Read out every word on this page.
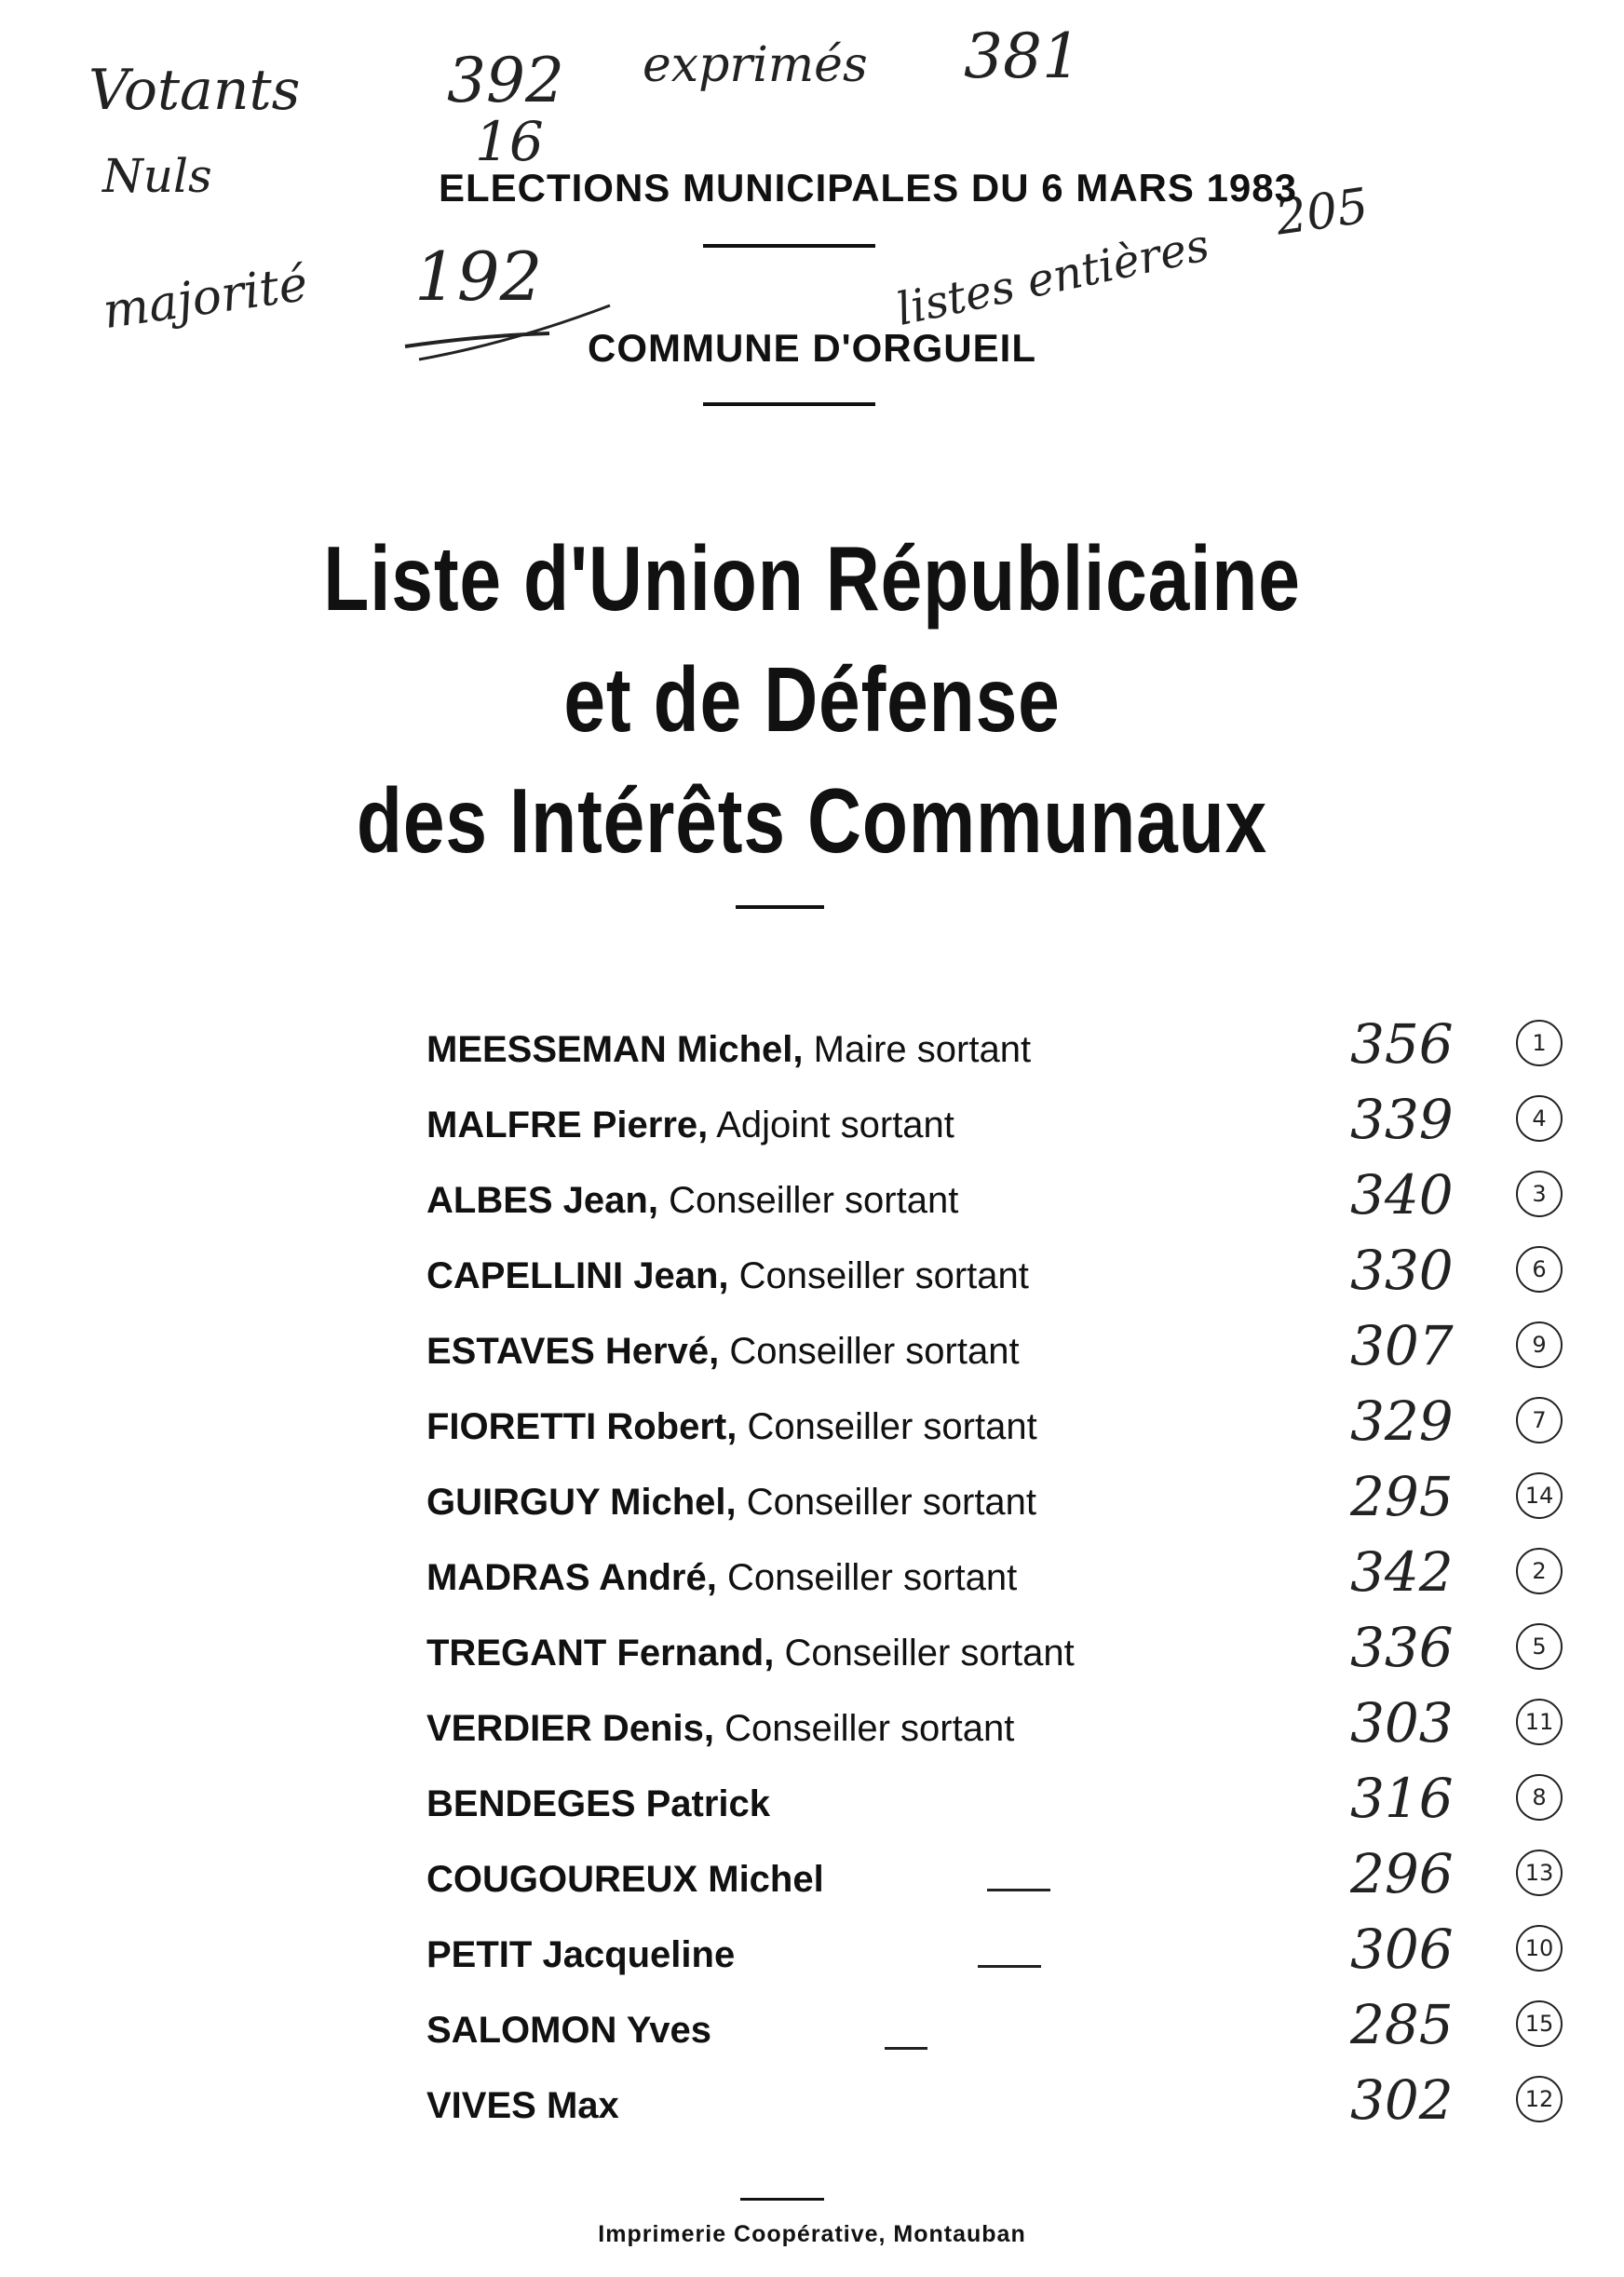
Votants 392 exprimés 381
Nuls
16
majorité 192	listes entières
205
ELECTIONS MUNICIPALES DU 6 MARS 1983
COMMUNE D'ORGUEIL
Liste d'Union Républicaine
et de Défense
des Intérêts Communaux
MEESSEMAN Michel, Maire sortant	356	1
MALFRE Pierre, Adjoint sortant	339	4
ALBES Jean, Conseiller sortant	340	3
CAPELLINI Jean, Conseiller sortant	330	6
ESTAVES Hervé, Conseiller sortant	307	9
FIORETTI Robert, Conseiller sortant	329	7
GUIRGUY Michel, Conseiller sortant	295	14
MADRAS André, Conseiller sortant	342	2
TREGANT Fernand, Conseiller sortant	336	5
VERDIER Denis, Conseiller sortant	303	11
BENDEGES Patrick	316	8
COUGOUREUX Michel	296	13
PETIT Jacqueline	306	10
SALOMON Yves	285	15
VIVES Max	302	12
Imprimerie Coopérative, Montauban
